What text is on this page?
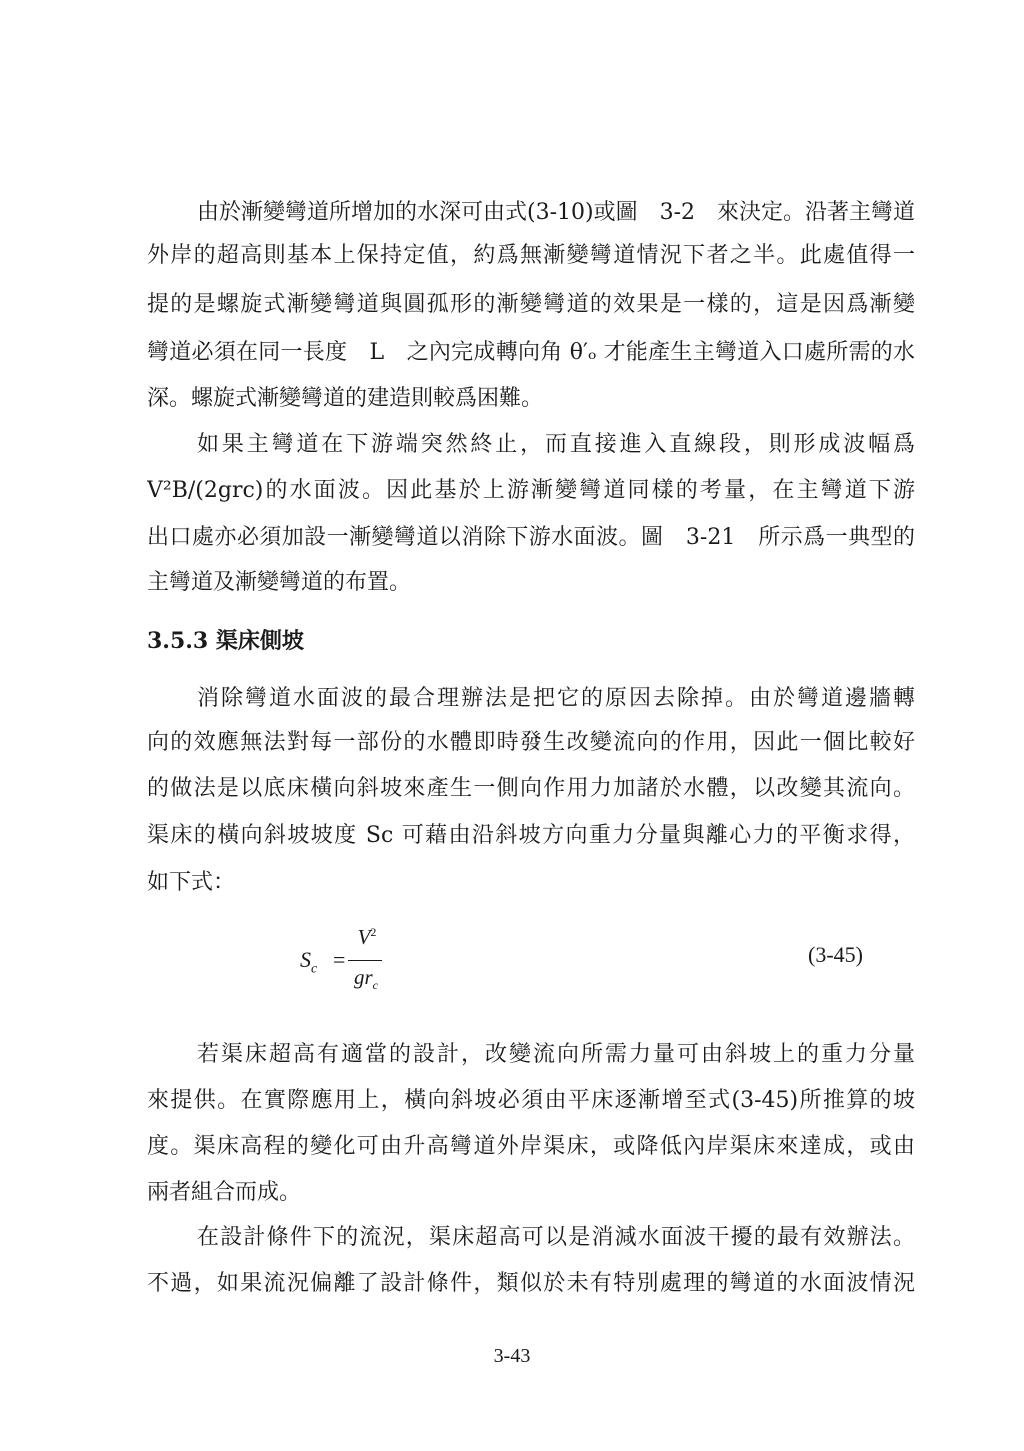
由於漸變彎道所增加的水深可由式(3-10)或圖　3-2　來決定。沿著主彎道
外岸的超高則基本上保持定值，約爲無漸變彎道情況下者之半。此處值得一
提的是螺旋式漸變彎道與圓孤形的漸變彎道的效果是一樣的，這是因爲漸變
彎道必須在同一長度　L　之內完成轉向角 θ′ₒ 才能產生主彎道入口處所需的水
深。螺旋式漸變彎道的建造則較爲困難。
如果主彎道在下游端突然終止，而直接進入直線段，則形成波幅爲
V²B/(2grc)的水面波。因此基於上游漸變彎道同樣的考量，在主彎道下游
出口處亦必須加設一漸變彎道以消除下游水面波。圖　3-21　所示爲一典型的
主彎道及漸變彎道的布置。
3.5.3 渠床側坡
消除彎道水面波的最合理辦法是把它的原因去除掉。由於彎道邊牆轉
向的效應無法對每一部份的水體即時發生改變流向的作用，因此一個比較好
的做法是以底床橫向斜坡來產生一側向作用力加諸於水體，以改變其流向。
渠床的橫向斜坡坡度 Sc 可藉由沿斜坡方向重力分量與離心力的平衡求得，
如下式：
$S_c$ =
$V^2$
$gr_c$
(3-45)
若渠床超高有適當的設計，改變流向所需力量可由斜坡上的重力分量
來提供。在實際應用上，橫向斜坡必須由平床逐漸增至式(3-45)所推算的坡
度。渠床高程的變化可由升高彎道外岸渠床，或降低內岸渠床來達成，或由
兩者組合而成。
在設計條件下的流況，渠床超高可以是消減水面波干擾的最有效辦法。
不過，如果流況偏離了設計條件，類似於未有特別處理的彎道的水面波情況
3-43
